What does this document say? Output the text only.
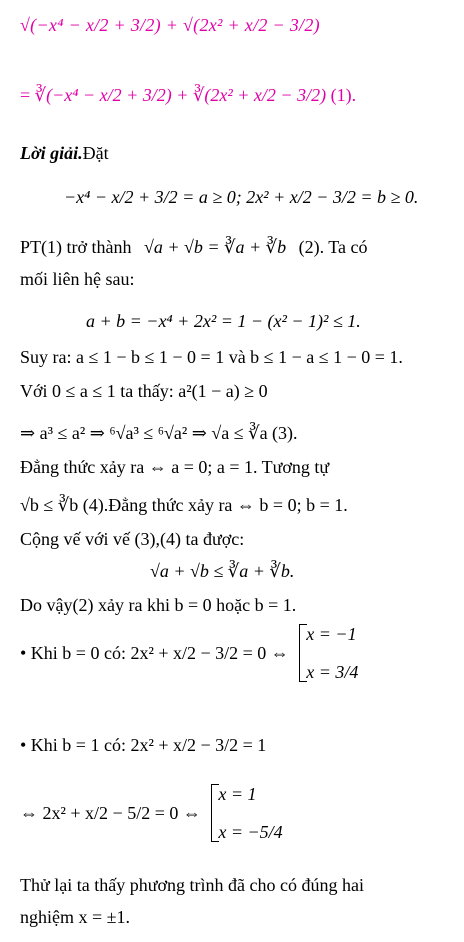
√(−x⁴ − x/2 + 3/2) + √(2x² + x/2 − 3/2)
= ∛(−x⁴ − x/2 + 3/2) + ∛(2x² + x/2 − 3/2) (1).
Lời giải.Đặt
−x⁴ − x/2 + 3/2 = a ≥ 0; 2x² + x/2 − 3/2 = b ≥ 0.
PT(1) trở thành √a + √b = ∛a + ∛b (2). Ta có
mối liên hệ sau:
a + b = −x⁴ + 2x² = 1 − (x² − 1)² ≤ 1.
Suy ra: a ≤ 1 − b ≤ 1 − 0 = 1 và b ≤ 1 − a ≤ 1 − 0 = 1.
Với 0 ≤ a ≤ 1 ta thấy: a²(1 − a) ≥ 0
⇒ a³ ≤ a² ⇒ ⁶√a³ ≤ ⁶√a² ⇒ √a ≤ ∛a (3).
Đẳng thức xảy ra ⇔ a = 0; a = 1. Tương tự
√b ≤ ∛b (4).Đẳng thức xảy ra ⇔ b = 0; b = 1.
Cộng vế với vế (3),(4) ta được:
√a + √b ≤ ∛a + ∛b.
Do vậy(2) xảy ra khi b = 0 hoặc b = 1.
• Khi b = 0 có: 2x² + x/2 − 3/2 = 0 ⇔
x = −1
x = 3/4
• Khi b = 1 có: 2x² + x/2 − 3/2 = 1
⇔ 2x² + x/2 − 5/2 = 0 ⇔
x = 1
x = −5/4
Thử lại ta thấy phương trình đã cho có đúng hai
nghiệm x = ±1.
